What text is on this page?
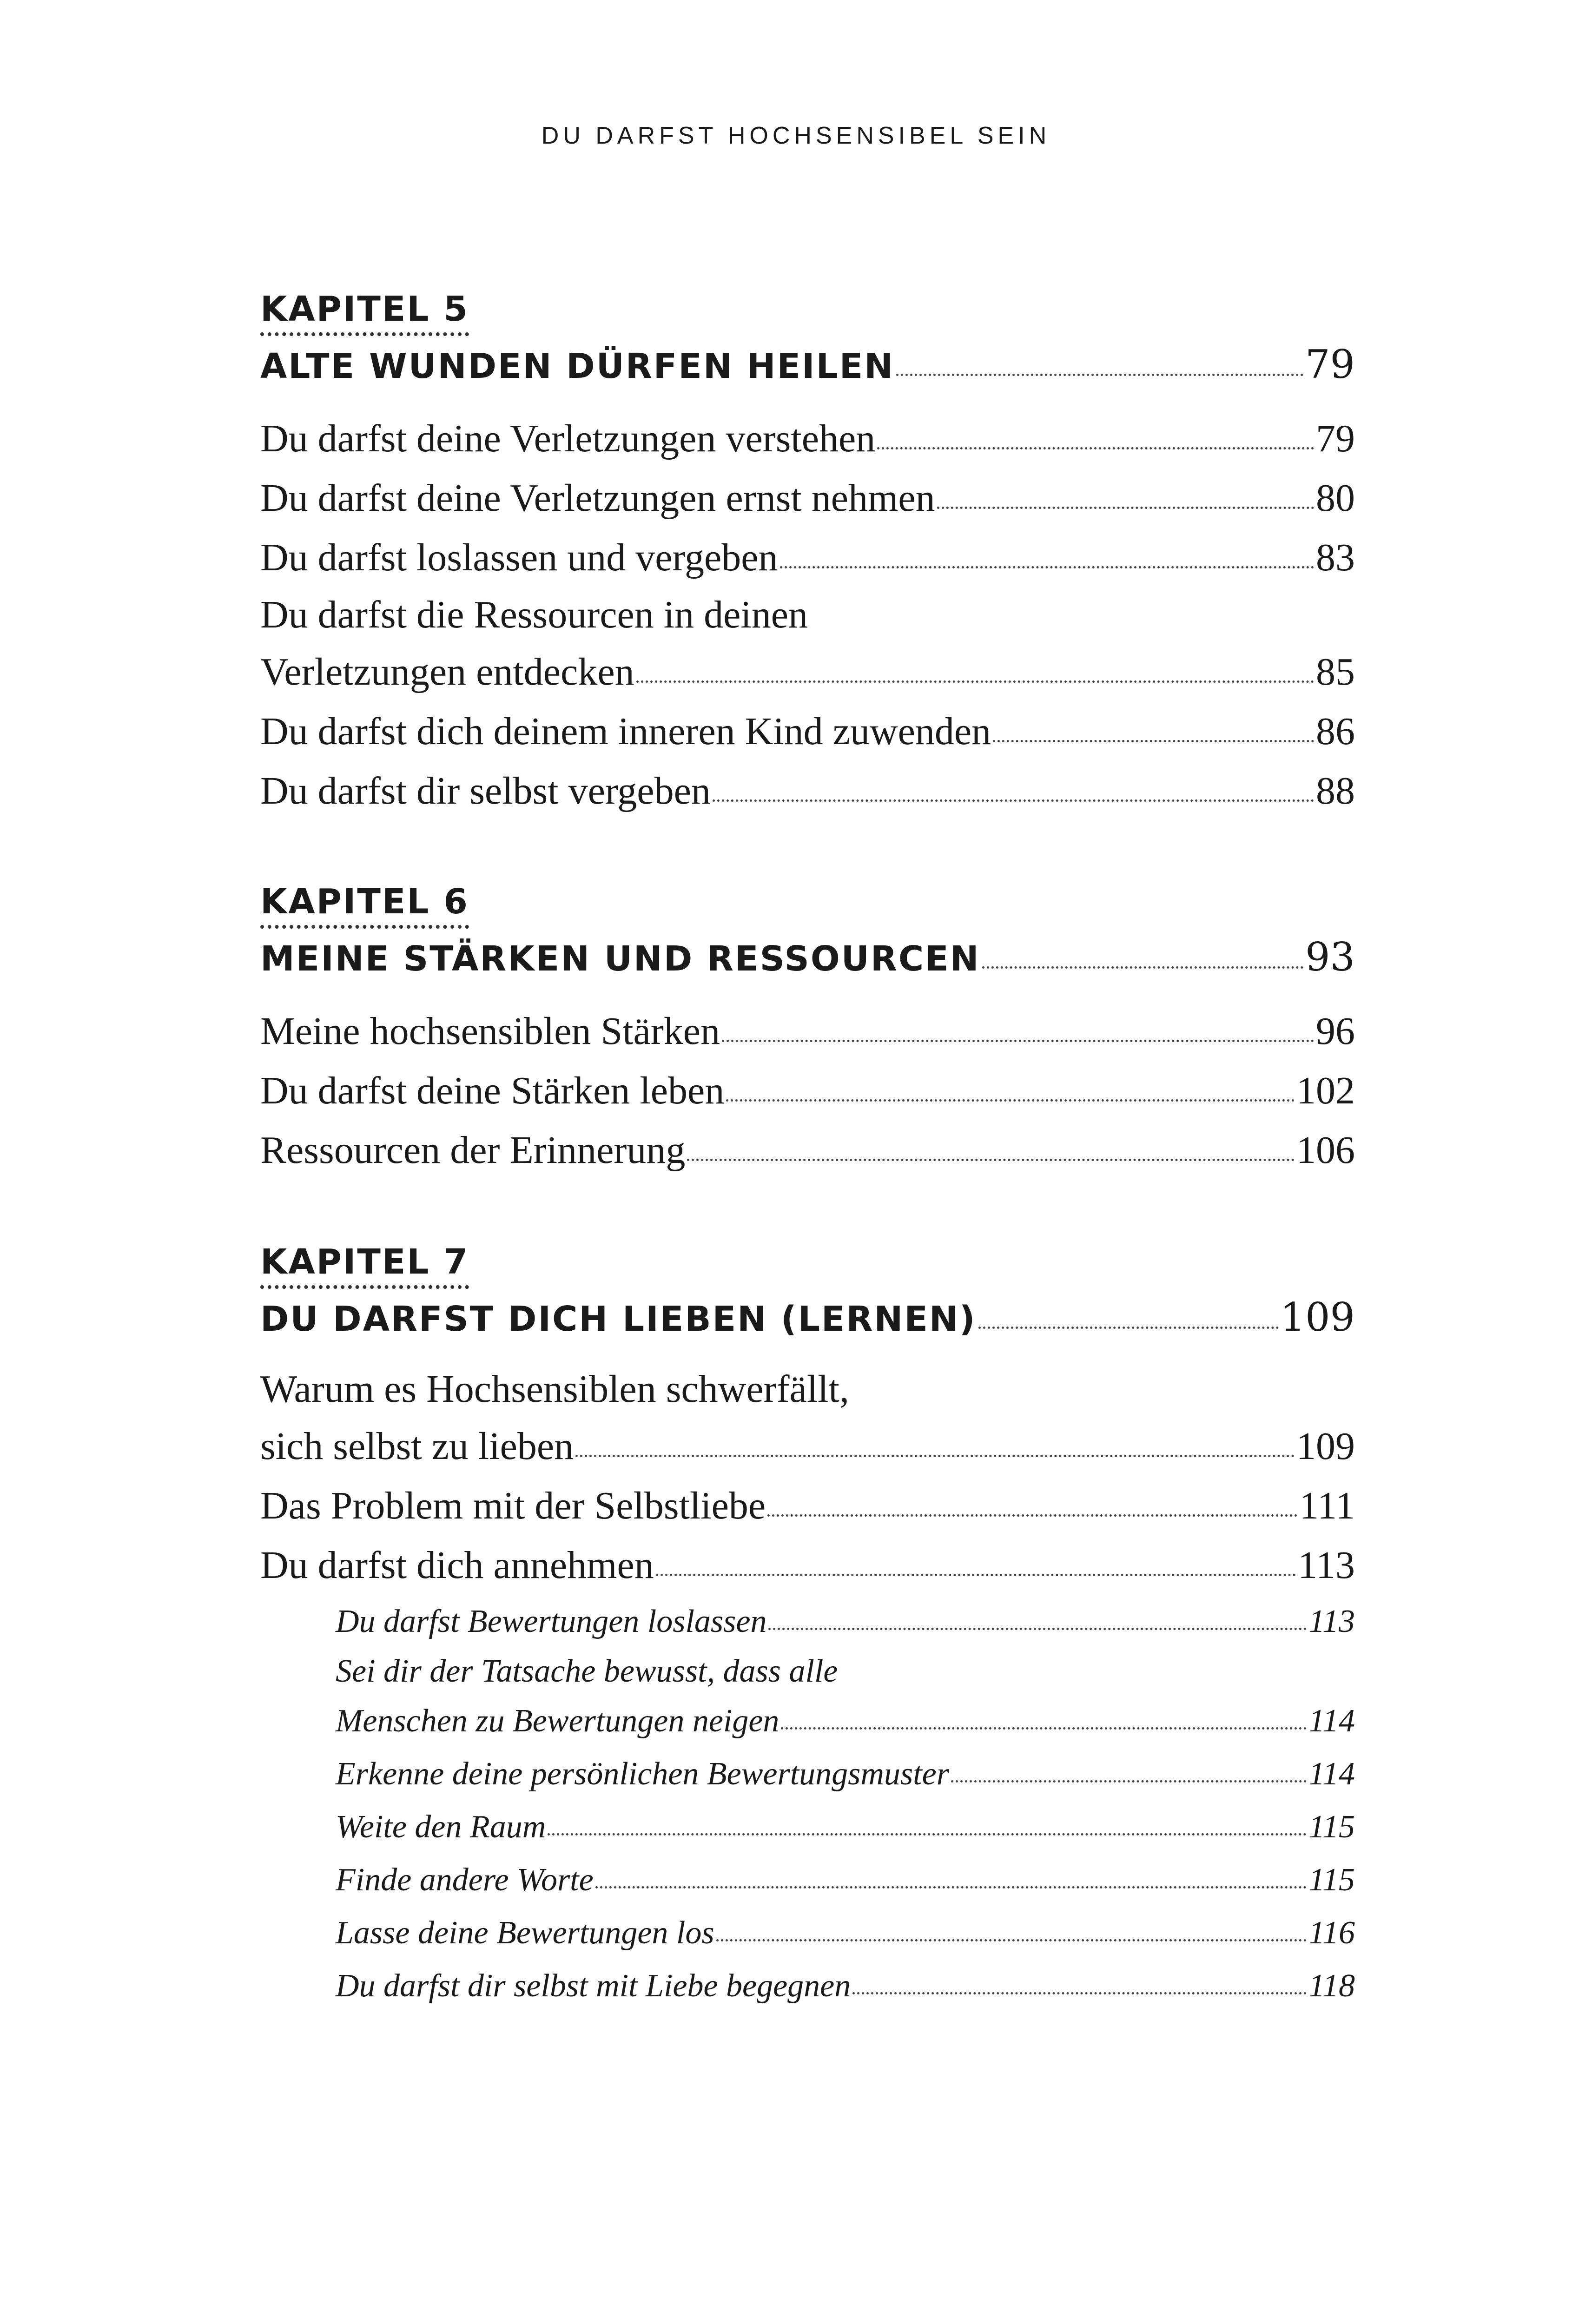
DU DARFST HOCHSENSIBEL SEIN
KAPITEL 5
ALTE WUNDEN DÜRFEN HEILEN	79
Du darfst deine Verletzungen verstehen	79
Du darfst deine Verletzungen ernst nehmen	80
Du darfst loslassen und vergeben	83
Du darfst die Ressourcen in deinen
Verletzungen entdecken	85
Du darfst dich deinem inneren Kind zuwenden	86
Du darfst dir selbst vergeben	88
KAPITEL 6
MEINE STÄRKEN UND RESSOURCEN	93
Meine hochsensiblen Stärken	96
Du darfst deine Stärken leben	102
Ressourcen der Erinnerung	106
KAPITEL 7
DU DARFST DICH LIEBEN (LERNEN)	109
Warum es Hochsensiblen schwerfällt,
sich selbst zu lieben	109
Das Problem mit der Selbstliebe	111
Du darfst dich annehmen	113
Du darfst Bewertungen loslassen	113
Sei dir der Tatsache bewusst, dass alle
Menschen zu Bewertungen neigen	114
Erkenne deine persönlichen Bewertungsmuster	114
Weite den Raum	115
Finde andere Worte	115
Lasse deine Bewertungen los	116
Du darfst dir selbst mit Liebe begegnen	118
